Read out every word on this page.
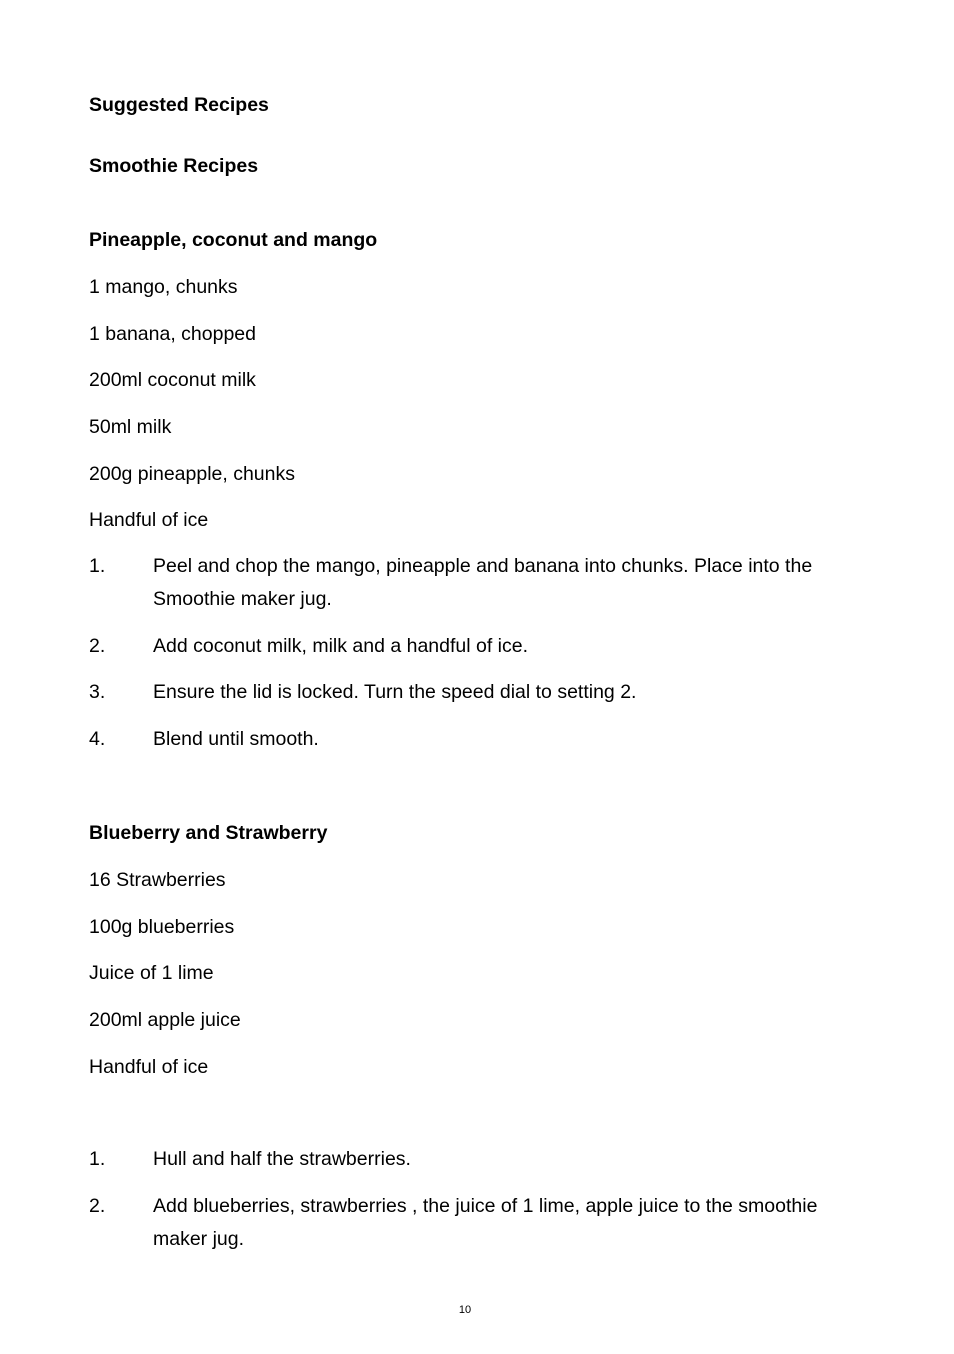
Suggested Recipes
Smoothie Recipes
Pineapple, coconut and mango
1 mango, chunks
1 banana, chopped
200ml coconut milk
50ml milk
200g pineapple, chunks
Handful of ice
1. Peel and chop the mango, pineapple and banana into chunks. Place into the Smoothie maker jug.
2. Add coconut milk, milk and a handful of ice.
3. Ensure the lid is locked. Turn the speed dial to setting 2.
4. Blend until smooth.
Blueberry and Strawberry
16 Strawberries
100g blueberries
Juice of 1 lime
200ml apple juice
Handful of ice
1. Hull and half the strawberries.
2. Add blueberries, strawberries , the juice of 1 lime, apple juice to the smoothie maker jug.
10
